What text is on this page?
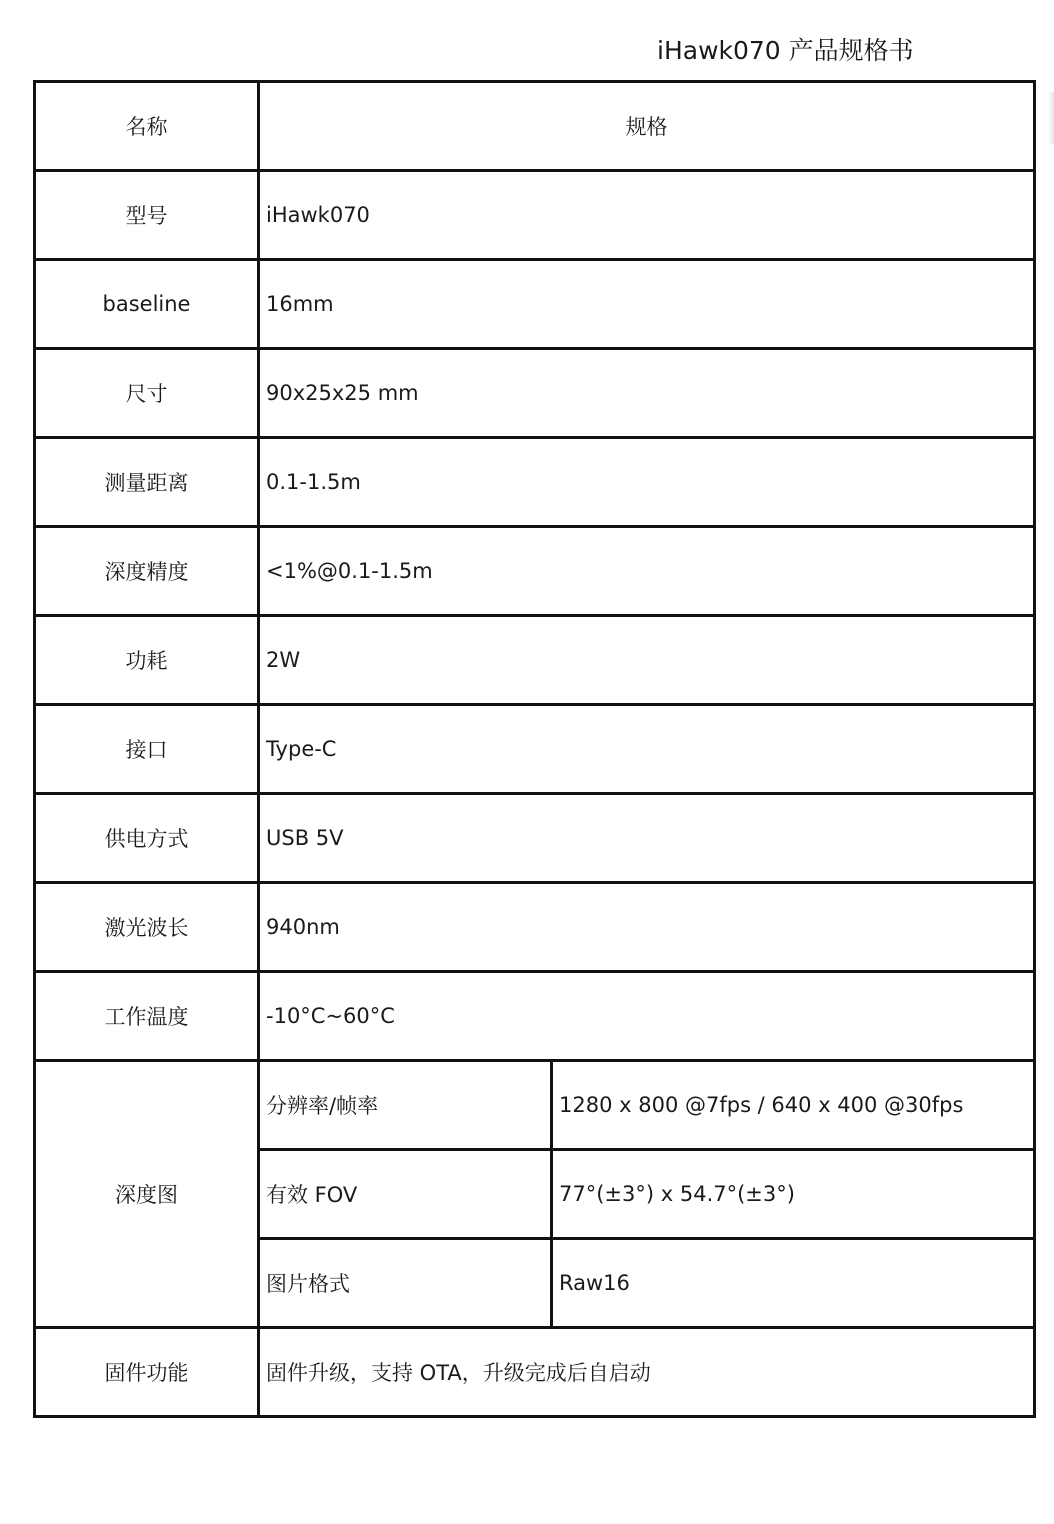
iHawk070 产品规格书
名称	规格	
型号	iHawk070	
baseline	16mm	
尺寸	90x25x25 mm	
测量距离	0.1-1.5m	
深度精度	<1%@0.1-1.5m	
功耗	2W	
接口	Type-C	
供电方式	USB 5V	
激光波长	940nm	
工作温度	-10°C~60°C	
深度图	分辨率/帧率	1280 x 800 @7fps / 640 x 400 @30fps
	有效 FOV	77°(±3°) x 54.7°(±3°)
	图片格式	Raw16
固件功能	固件升级，支持 OTA，升级完成后自启动	
